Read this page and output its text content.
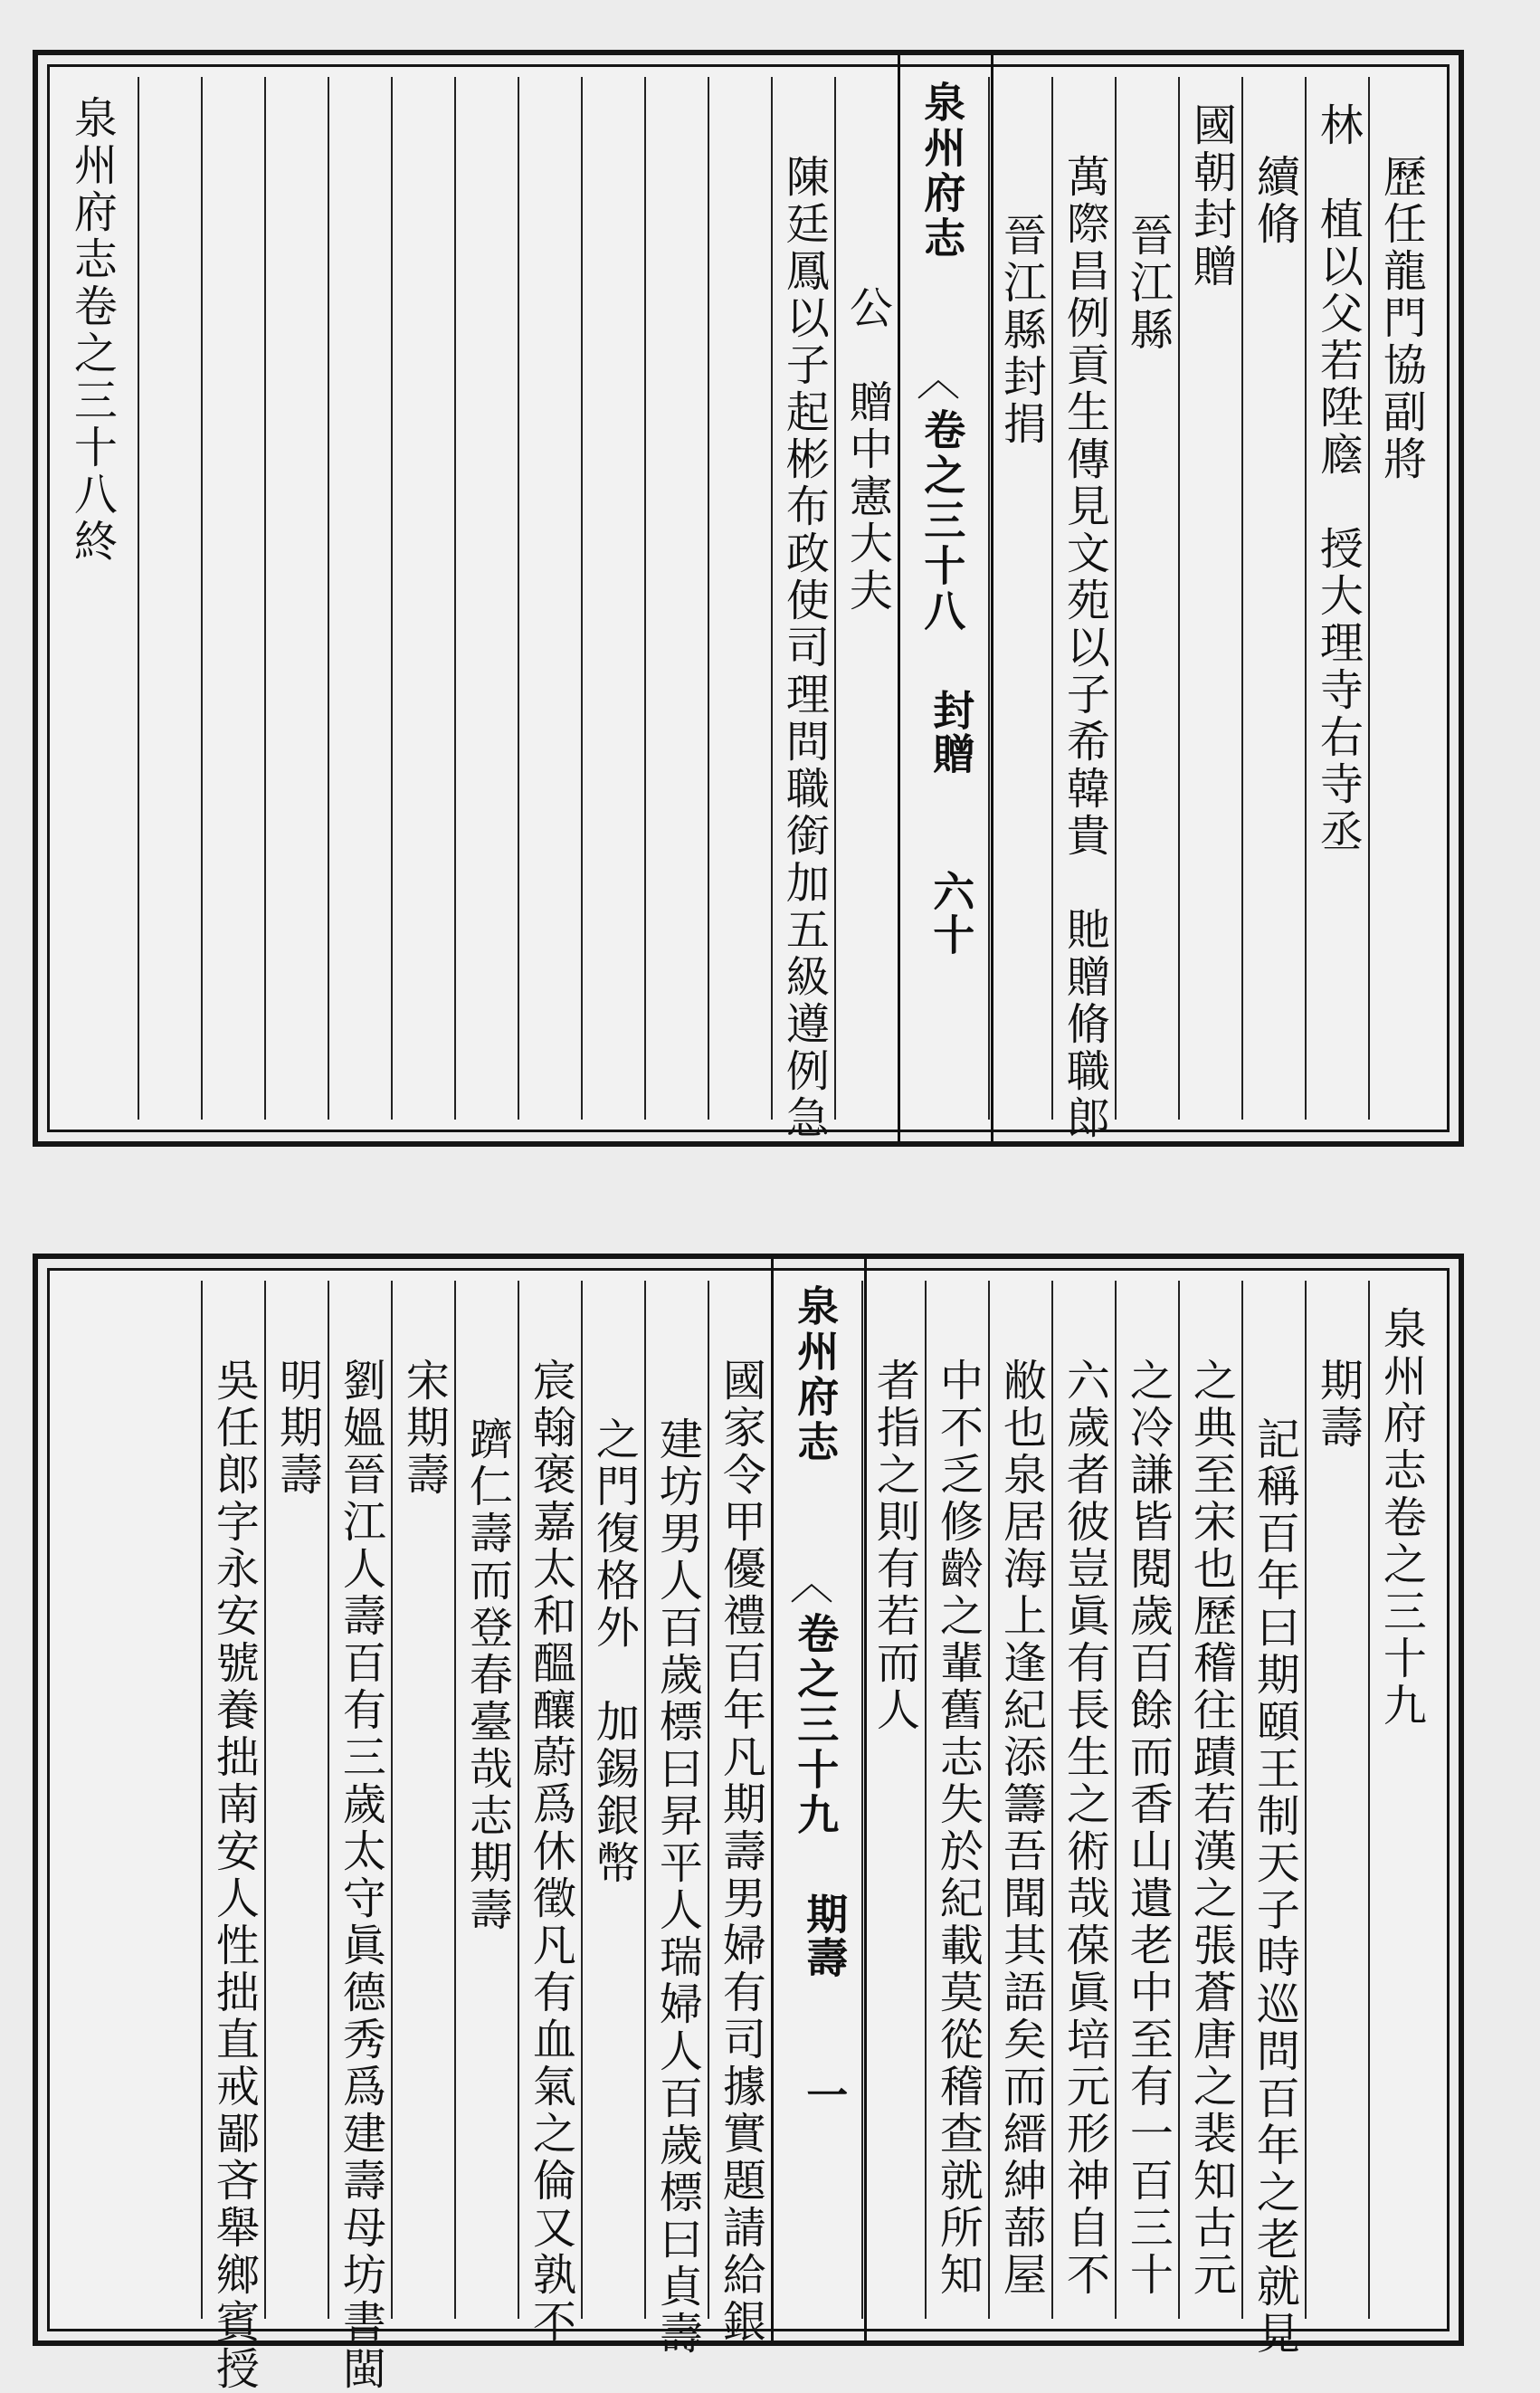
歷任龍門協副將
林　植以父若陞廕　授大理寺右寺丞
續脩
國朝封贈
晉江縣
萬際昌例貢生傳見文苑以子希韓貴　貤贈脩職郎
晉江縣封捐
泉州府志
卷之三十八
封贈
六十
︿
公　贈中憲大夫
陳廷鳳以子起彬布政使司理問職銜加五級遵例急
泉州府志卷之三十八終
泉州府志卷之三十九
期壽
記稱百年曰期頤王制天子時巡問百年之老就見
之典至宋也歷稽往蹟若漢之張蒼唐之裴知古元
之冷謙皆閱歲百餘而香山遺老中至有一百三十
六歲者彼豈眞有長生之術哉葆眞培元形神自不
敝也泉居海上逢紀添籌吾聞其語矣而縉紳蔀屋
中不乏修齡之輩舊志失於紀載莫從稽查就所知
者指之則有若而人
泉州府志
卷之三十九
期壽
一
︿
國家令甲優禮百年凡期壽男婦有司據實題請給銀
建坊男人百歲標曰昇平人瑞婦人百歲標曰貞壽
之門復格外　加錫銀幣
宸翰褒嘉太和醞釀蔚爲休徵凡有血氣之倫又孰不
躋仁壽而登春臺哉志期壽
宋期壽
劉媼晉江人壽百有三歲太守眞德秀爲建壽母坊書閩
明期壽
吳任郎字永安號養拙南安人性拙直戒鄙吝舉鄉賓授
